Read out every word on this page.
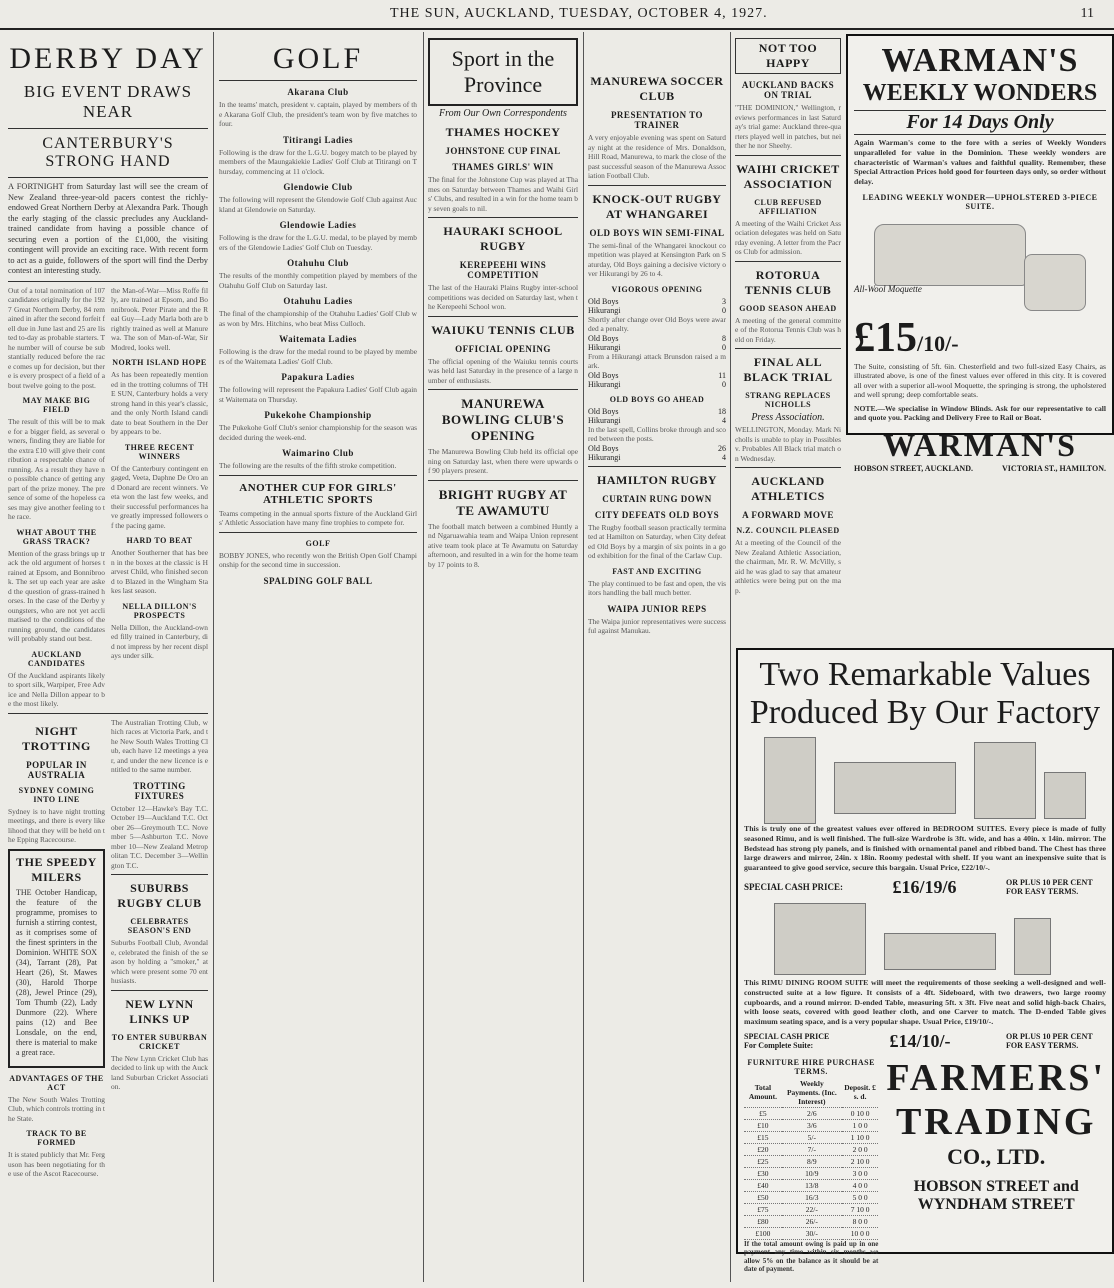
THE SUN, AUCKLAND, TUESDAY, OCTOBER 4, 1927.	11
DERBY DAY
BIG EVENT DRAWS NEAR
CANTERBURY'S STRONG HAND

A FORTNIGHT from Saturday last will see the cream of New Zealand three-year-old pacers contest the richly-endowed Great Northern Derby at Alexandra Park. Though the early staging of the classic precludes any Auckland-trained candidate from having a possible chance of securing even a portion of the £1,000, the visiting contingent will provide an exciting race. With recent form to act as a guide, followers of the sport will find the Derby contest an interesting study.

Out of a total nomination of 107 candidates originally for the 1927 Great Northern Derby, 84 remained in after the second forfeit fell due in June last and 25 are listed to-day as probable starters. The number will of course be substantially reduced before the race comes up for decision, but there is every prospect of a field of about twelve going to the post.

MAY MAKE BIG FIELD

The result of this will be to make for a bigger field, as several owners, finding they are liable for the extra £10 will give their contribution a respectable chance of running. As a result they have no possible chance of getting any part of the prize money. The presence of some of the hopeless cases may give another feeling to the race.

WHAT ABOUT THE GRASS TRACK?

Mention of the grass brings up track the old argument of horses trained at Epsom, and Bonnibrook. The set up each year are asked the question of grass-trained horses. In the case of the Derby youngsters, who are not yet acclimatised to the conditions of the running ground, the candidates will probably stand out best.

AUCKLAND CANDIDATES

Of the Auckland aspirants likely to sport silk, Warpiper, Free Advice and Nella Dillon appear to be the most likely.

the Man-of-War—Miss Roffe filly, are trained at Epsom, and Bonnibrook. Peter Pirate and the Real Guy—Lady Marla both are brightly trained as well at Manurewa. The son of Man-of-War, Sir Modred, looks well.

NORTH ISLAND HOPE

As has been repeatedly mentioned in the trotting columns of THE SUN, Canterbury holds a very strong hand in this year's classic, and the only North Island candidate to beat Southern in the Derby appears to be.

THREE RECENT WINNERS

Of the Canterbury contingent engaged, Veeta, Daphne De Oro and Donard are recent winners. Veeta won the last few weeks, and their successful performances have greatly impressed followers of the pacing game.

HARD TO BEAT

Another Southerner that has been in the boxes at the classic is Harvest Child, who finished second to Blazed in the Wingham Stakes last season.

NELLA DILLON'S PROSPECTS

Nella Dillon, the Auckland-owned filly trained in Canterbury, did not impress by her recent displays under silk.

NIGHT TROTTING
POPULAR IN AUSTRALIA
SYDNEY COMING INTO LINE

Sydney is to have night trotting meetings, and there is every likelihood that they will be held on the Epping Racecourse.

THE SPEEDY MILERS

THE October Handicap, the feature of the programme, promises to furnish a stirring contest, as it comprises some of the finest sprinters in the Dominion. WHITE SOX (34), Tarrant (28), Pat Heart (26), St. Mawes (30), Harold Thorpe (28), Jewel Prince (29), Tom Thumb (22), Lady Dunmore (22). Where pains (12) and Bee Lonsdale, on the end, there is material to make a great race.

ADVANTAGES OF THE ACT

The New South Wales Trotting Club, which controls trotting in the State.

TRACK TO BE FORMED

It is stated publicly that Mr. Ferguson has been negotiating for the use of the Ascot Racecourse.

The Australian Trotting Club, which races at Victoria Park, and the New South Wales Trotting Club, each have 12 meetings a year, and under the new licence is entitled to the same number.

TROTTING FIXTURES

October 12—Hawke's Bay T.C. October 19—Auckland T.C. October 26—Greymouth T.C. November 5—Ashburton T.C. November 10—New Zealand Metropolitan T.C. December 3—Wellington T.C.

SUBURBS RUGBY CLUB
CELEBRATES SEASON'S END

Suburbs Football Club, Avondale, celebrated the finish of the season by holding a "smoker," at which were present some 70 enthusiasts.

NEW LYNN LINKS UP
TO ENTER SUBURBAN CRICKET

The New Lynn Cricket Club has decided to link up with the Auckland Suburban Cricket Association.

GOLF
Akarana Club

In the teams' match, president v. captain, played by members of the Akarana Golf Club, the president's team won by five matches to four.

Titirangi Ladies

Following is the draw for the L.G.U. bogey match to be played by members of the Maungakiekie Ladies' Golf Club at Titirangi on Thursday, commencing at 11 o'clock.

Glendowie Club

The following will represent the Glendowie Golf Club against Auckland at Glendowie on Saturday.

Glendowie Ladies

Following is the draw for the L.G.U. medal, to be played by members of the Glendowie Ladies' Golf Club on Tuesday.

Otahuhu Club

The results of the monthly competition played by members of the Otahuhu Golf Club on Saturday last.

Otahuhu Ladies

The final of the championship of the Otahuhu Ladies' Golf Club was won by Mrs. Hitchins, who beat Miss Culloch.

Waitemata Ladies

Following is the draw for the medal round to be played by members of the Waitemata Ladies' Golf Club.

Papakura Ladies

The following will represent the Papakura Ladies' Golf Club against Waitemata on Thursday.

Pukekohe Championship

The Pukekohe Golf Club's senior championship for the season was decided during the week-end.

Waimarino Club

The following are the results of the fifth stroke competition.

ANOTHER CUP FOR GIRLS' ATHLETIC SPORTS

Teams competing in the annual sports fixture of the Auckland Girls' Athletic Association have many fine trophies to compete for.

GOLF

BOBBY JONES, who recently won the British Open Golf Championship for the second time in succession.

SPALDING GOLF BALL
Sport in the Province
From Our Own Correspondents
THAMES HOCKEY
JOHNSTONE CUP FINAL
THAMES GIRLS' WIN

The final for the Johnstone Cup was played at Thames on Saturday between Thames and Waihi Girls' Clubs, and resulted in a win for the home team by seven goals to nil.

HAURAKI SCHOOL RUGBY
KEREPEEHI WINS COMPETITION

The last of the Hauraki Plains Rugby inter-school competitions was decided on Saturday last, when the Kerepeehi School won.

WAIUKU TENNIS CLUB
OFFICIAL OPENING

The official opening of the Waiuku tennis courts was held last Saturday in the presence of a large number of enthusiasts.

MANUREWA BOWLING CLUB'S OPENING

The Manurewa Bowling Club held its official opening on Saturday last, when there were upwards of 90 players present.

BRIGHT RUGBY AT TE AWAMUTU

The football match between a combined Huntly and Ngaruawahia team and Waipa Union representative team took place at Te Awamutu on Saturday afternoon, and resulted in a win for the home team by 17 points to 8.

MANUREWA SOCCER CLUB
PRESENTATION TO TRAINER

A very enjoyable evening was spent on Saturday night at the residence of Mrs. Donaldson, Hill Road, Manurewa, to mark the close of the past successful season of the Manurewa Association Football Club.

KNOCK-OUT RUGBY AT WHANGAREI
OLD BOYS WIN SEMI-FINAL

The semi-final of the Whangarei knockout competition was played at Kensington Park on Saturday, Old Boys gaining a decisive victory over Hikurangi by 26 to 4.

VIGOROUS OPENING
Old Boys	3
Hikurangi	0

Shortly after change over Old Boys were awarded a penalty.

Old Boys	8
Hikurangi	0

From a Hikurangi attack Brunsdon raised a mark.

Old Boys	11
Hikurangi	0
OLD BOYS GO AHEAD
Old Boys	18
Hikurangi	4

In the last spell, Collins broke through and scored between the posts.

Old Boys	26
Hikurangi	4
HAMILTON RUGBY
CURTAIN RUNG DOWN
CITY DEFEATS OLD BOYS

The Rugby football season practically terminated at Hamilton on Saturday, when City defeated Old Boys by a margin of six points in a good exhibition for the final of the Carlaw Cup.

FAST AND EXCITING

The play continued to be fast and open, the visitors handling the ball much better.

WAIPA JUNIOR REPS

The Waipa junior representatives were successful against Manukau.

NOT TOO HAPPY
AUCKLAND BACKS ON TRIAL

"THE DOMINION," Wellington, reviews performances in last Saturday's trial game: Auckland three-quarters played well in patches, but neither he nor Sheehy.

WAIHI CRICKET ASSOCIATION
CLUB REFUSED AFFILIATION

A meeting of the Waihi Cricket Association delegates was held on Saturday evening. A letter from the Pacros Club for admission.

ROTORUA TENNIS CLUB
GOOD SEASON AHEAD

A meeting of the general committee of the Rotorua Tennis Club was held on Friday.

FINAL ALL BLACK TRIAL
STRANG REPLACES NICHOLLS
Press Association.

WELLINGTON, Monday. Mark Nicholls is unable to play in Possibles v. Probables All Black trial match on Wednesday.

AUCKLAND ATHLETICS
A FORWARD MOVE
N.Z. COUNCIL PLEASED

At a meeting of the Council of the New Zealand Athletic Association, the chairman, Mr. R. W. McVilly, said he was glad to say that amateur athletics were being put on the map.

WARMAN'S
WEEKLY WONDERS
For 14 Days Only

Again Warman's come to the fore with a series of Weekly Wonders unparalleled for value in the Dominion. These weekly wonders are characteristic of Warman's values and faithful quality. Remember, these Special Attraction Prices hold good for fourteen days only, so order without delay.

LEADING WEEKLY WONDER—UPHOLSTERED 3-PIECE SUITE.
All-Wool Moquette
£15 /10/-

The Suite, consisting of 5ft. 6in. Chesterfield and two full-sized Easy Chairs, as illustrated above, is one of the finest values ever offered in this city. It is covered all over with a superior all-wool Moquette, the springing is strong, the upholstered and well sprung; deep comfortable seats.

NOTE.—We specialise in Window Blinds. Ask for our representative to call and quote you. Packing and Delivery Free to Rail or Boat.

WARMAN'S
HOBSON STREET, AUCKLAND.	VICTORIA ST., HAMILTON.
Two Remarkable Values
Produced By Our Factory

This is truly one of the greatest values ever offered in BEDROOM SUITES. Every piece is made of fully seasoned Rimu, and is well finished. The full-size Wardrobe is 3ft. wide, and has a 40in. x 14in. mirror. The Bedstead has strong ply panels, and is finished with ornamental panel and ribbed band. The Chest has three large drawers and mirror, 24in. x 18in. Roomy pedestal with shelf. If you want an inexpensive suite that is guaranteed to give good service, secure this bargain. Usual Price, £22/10/-.

SPECIAL CASH PRICE:	£16/19/6	OR PLUS 10 PER CENT FOR EASY TERMS.

This RIMU DINING ROOM SUITE will meet the requirements of those seeking a well-designed and well-constructed suite at a low figure. It consists of a 4ft. Sideboard, with two drawers, two large roomy cupboards, and a round mirror. D-ended Table, measuring 5ft. x 3ft. Five neat and solid high-back Chairs, with loose seats, covered with good leather cloth, and one Carver to match. The D-ended Table gives maximum seating space, and is a very popular shape. Usual Price, £19/10/-.

SPECIAL CASH PRICE For Complete Suite:	£14/10/-	OR PLUS 10 PER CENT FOR EASY TERMS.
FURNITURE HIRE PURCHASE TERMS.
Total Amount.	Weekly Payments. (Inc. Interest)	Deposit. £ s. d.
£5	2/6	0 10 0
£10	3/6	1 0 0
£15	5/-	1 10 0
£20	7/-	2 0 0
£25	8/9	2 10 0
£30	10/9	3 0 0
£40	13/8	4 0 0
£50	16/3	5 0 0
£75	22/-	7 10 0
£80	26/-	8 0 0
£100	30/-	10 0 0

If the total amount owing is paid up in one payment any time within six months we allow 5% on the balance as it should be at date of payment.

FARMERS'
TRADING
CO., LTD.
HOBSON STREET and
WYNDHAM STREET
